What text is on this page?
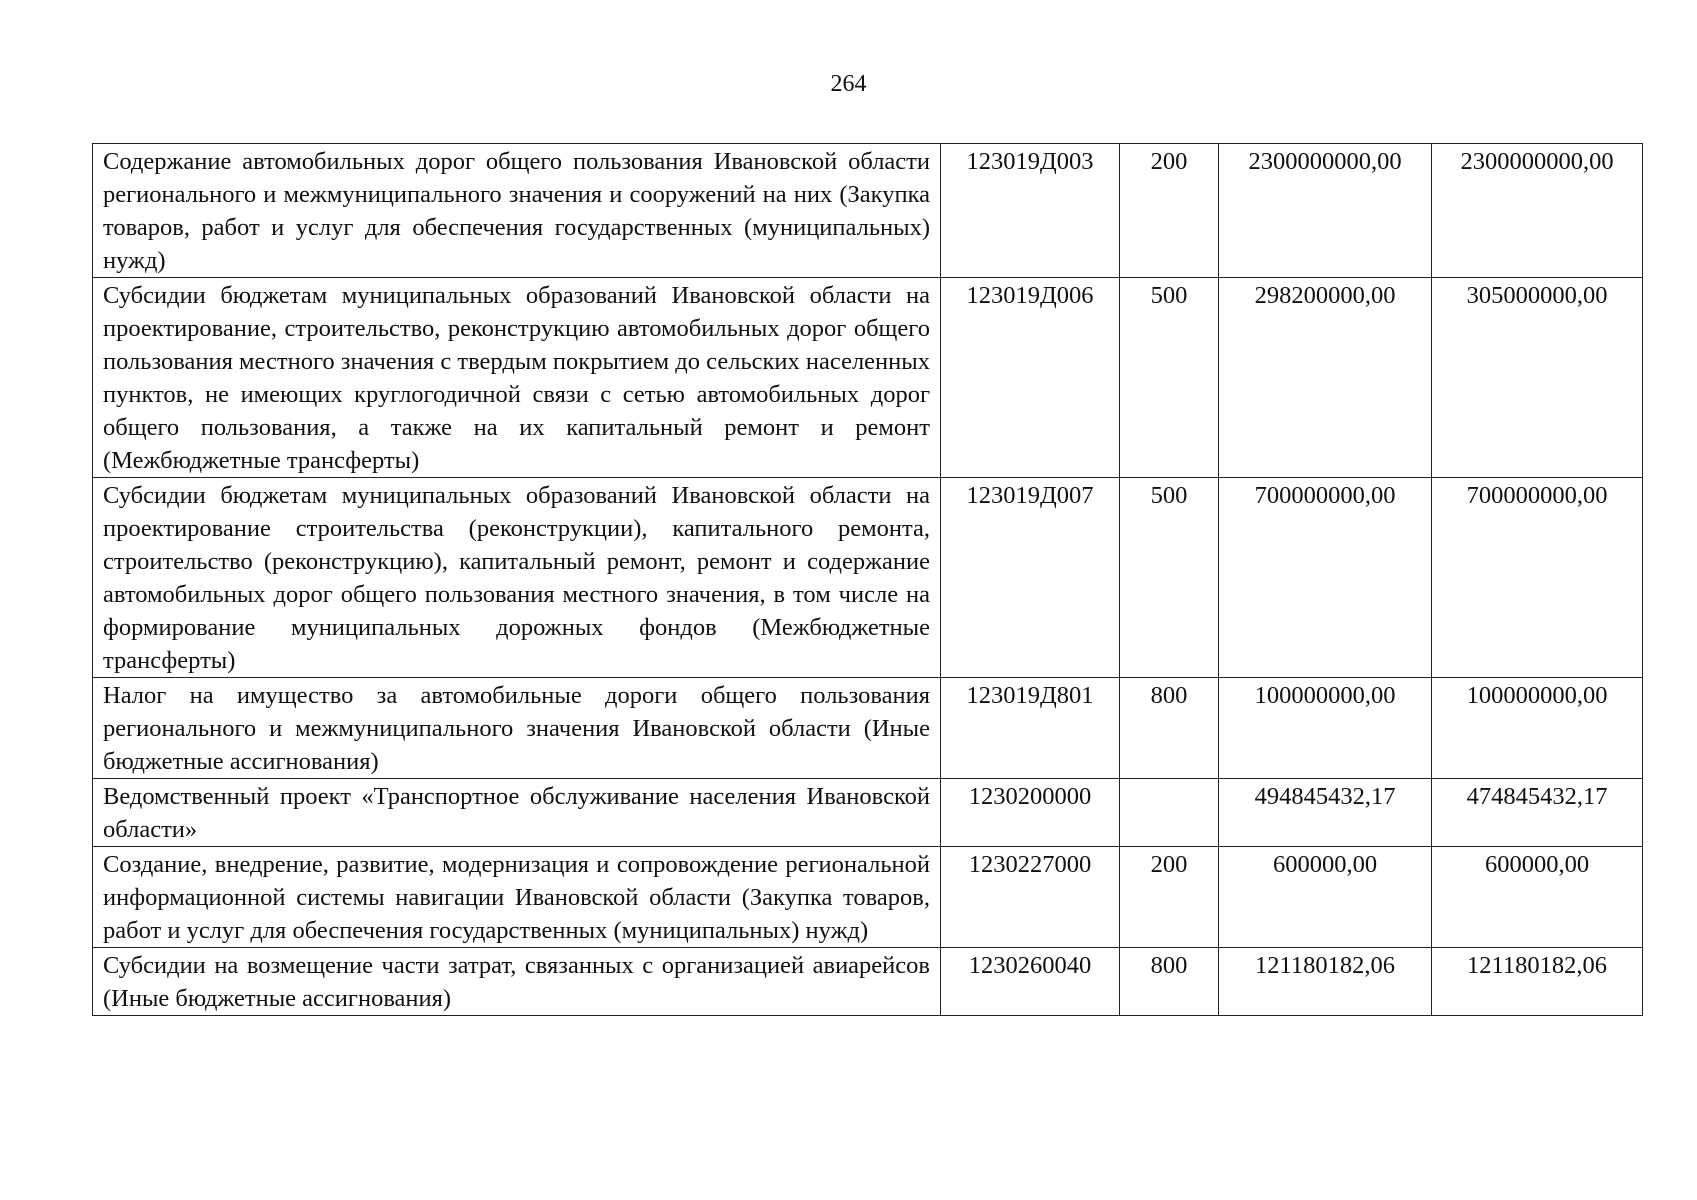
264
Содержание автомобильных дорог общего пользования Ивановской области регионального и межмуниципального значения и сооружений на них (Закупка товаров, работ и услуг для обеспечения государственных (муниципальных) нужд)	123019Д003	200	2300000000,00	2300000000,00
Субсидии бюджетам муниципальных образований Ивановской области на проектирование, строительство, реконструкцию автомобильных дорог общего пользования местного значения с твердым покрытием до сельских населенных пунктов, не имеющих круглогодичной связи с сетью автомобильных дорог общего пользования, а также на их капитальный ремонт и ремонт (Межбюджетные трансферты)	123019Д006	500	298200000,00	305000000,00
Субсидии бюджетам муниципальных образований Ивановской области на проектирование строительства (реконструкции), капитального ремонта, строительство (реконструкцию), капитальный ремонт, ремонт и содержание автомобильных дорог общего пользования местного значения, в том числе на формирование муниципальных дорожных фондов (Межбюджетные трансферты)	123019Д007	500	700000000,00	700000000,00
Налог на имущество за автомобильные дороги общего пользования регионального и межмуниципального значения Ивановской области (Иные бюджетные ассигнования)	123019Д801	800	100000000,00	100000000,00
Ведомственный проект «Транспортное обслуживание населения Ивановской области»	1230200000		494845432,17	474845432,17
Создание, внедрение, развитие, модернизация и сопровождение региональной информационной системы навигации Ивановской области (Закупка товаров, работ и услуг для обеспечения государственных (муниципальных) нужд)	1230227000	200	600000,00	600000,00
Субсидии на возмещение части затрат, связанных с организацией авиарейсов (Иные бюджетные ассигнования)	1230260040	800	121180182,06	121180182,06
